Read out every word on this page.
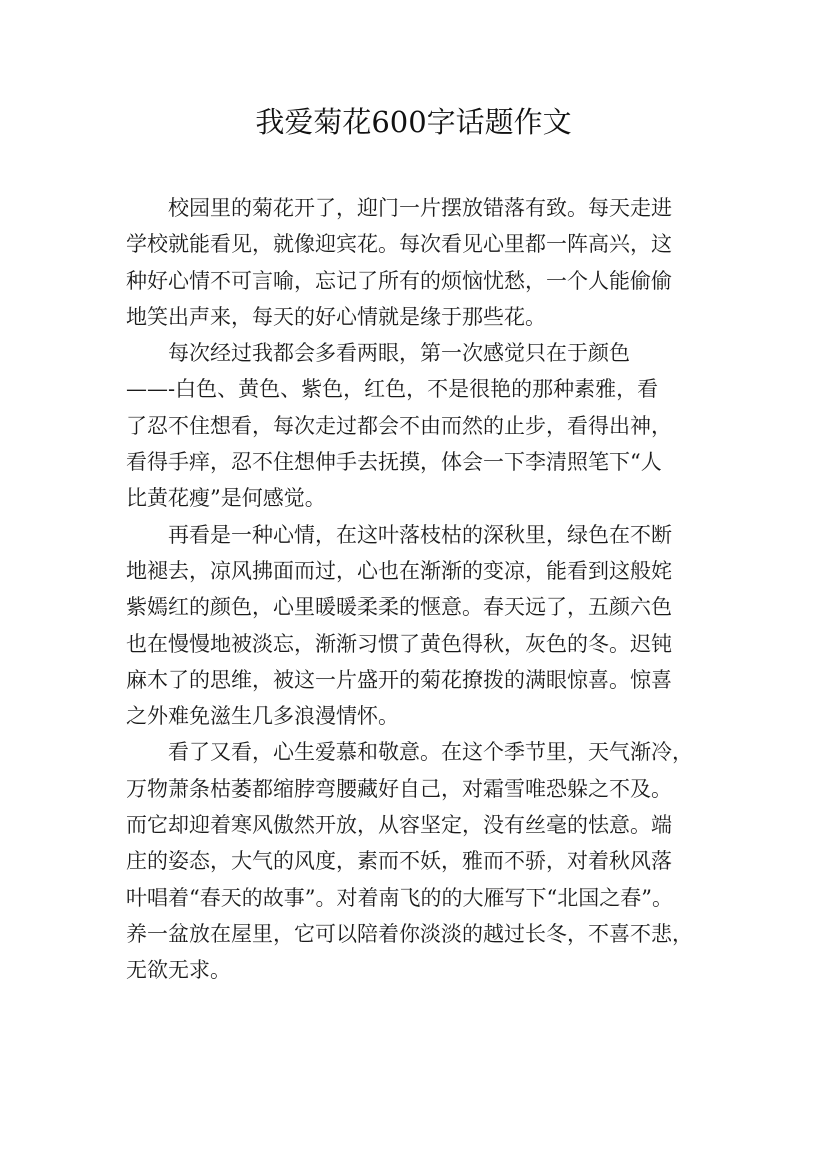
我爱菊花600字话题作文
　　校园里的菊花开了，迎门一片摆放错落有致。每天走进
学校就能看见，就像迎宾花。每次看见心里都一阵高兴，这
种好心情不可言喻，忘记了所有的烦恼忧愁，一个人能偷偷
地笑出声来，每天的好心情就是缘于那些花。
　　每次经过我都会多看两眼，第一次感觉只在于颜色
——-白色、黄色、紫色，红色，不是很艳的那种素雅，看
了忍不住想看，每次走过都会不由而然的止步，看得出神，
看得手痒，忍不住想伸手去抚摸，体会一下李清照笔下“人
比黄花瘦”是何感觉。
　　再看是一种心情，在这叶落枝枯的深秋里，绿色在不断
地褪去，凉风拂面而过，心也在渐渐的变凉，能看到这般姹
紫嫣红的颜色，心里暖暖柔柔的惬意。春天远了，五颜六色
也在慢慢地被淡忘，渐渐习惯了黄色得秋，灰色的冬。迟钝
麻木了的思维，被这一片盛开的菊花撩拨的满眼惊喜。惊喜
之外难免滋生几多浪漫情怀。
　　看了又看，心生爱慕和敬意。在这个季节里，天气渐冷，
万物萧条枯萎都缩脖弯腰藏好自己，对霜雪唯恐躲之不及。
而它却迎着寒风傲然开放，从容坚定，没有丝毫的怯意。端
庄的姿态，大气的风度，素而不妖，雅而不骄，对着秋风落
叶唱着“春天的故事”。对着南飞的的大雁写下“北国之春”。
养一盆放在屋里，它可以陪着你淡淡的越过长冬，不喜不悲，
无欲无求。
